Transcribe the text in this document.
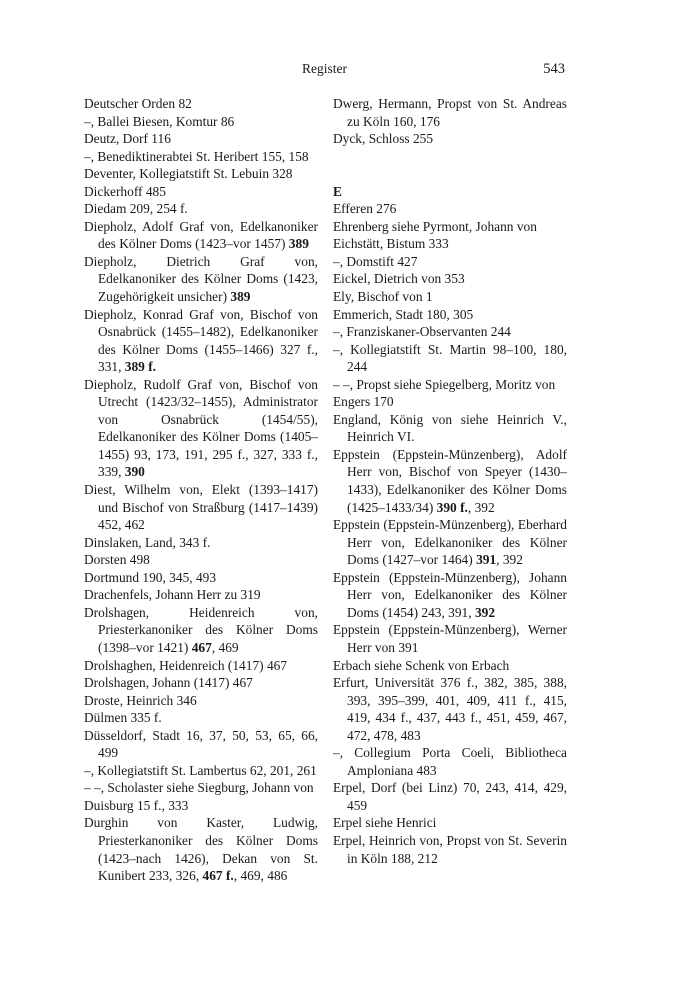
Register	543

Deutscher Orden 82

–, Ballei Biesen, Komtur 86

Deutz, Dorf 116

–, Benediktinerabtei St. Heribert 155, 158

Deventer, Kollegiatstift St. Lebuin 328

Dickerhoff 485

Diedam 209, 254 f.

Diepholz, Adolf Graf von, Edelkanoniker des Kölner Doms (1423–vor 1457) 389

Diepholz, Dietrich Graf von, Edelkanoniker des Kölner Doms (1423, Zugehörigkeit unsicher) 389

Diepholz, Konrad Graf von, Bischof von Osnabrück (1455–1482), Edelkanoniker des Kölner Doms (1455–1466) 327 f., 331, 389 f.

Diepholz, Rudolf Graf von, Bischof von Utrecht (1423/32–1455), Administrator von Osnabrück (1454/55), Edelkanoniker des Kölner Doms (1405–1455) 93, 173, 191, 295 f., 327, 333 f., 339, 390

Diest, Wilhelm von, Elekt (1393–1417) und Bischof von Straßburg (1417–1439) 452, 462

Dinslaken, Land, 343 f.

Dorsten 498

Dortmund 190, 345, 493

Drachenfels, Johann Herr zu 319

Drolshagen, Heidenreich von, Priesterkanoniker des Kölner Doms (1398–vor 1421) 467, 469

Drolshaghen, Heidenreich (1417) 467

Drolshagen, Johann (1417) 467

Droste, Heinrich 346

Dülmen 335 f.

Düsseldorf, Stadt 16, 37, 50, 53, 65, 66, 499

–, Kollegiatstift St. Lambertus 62, 201, 261

– –, Scholaster siehe Siegburg, Johann von

Duisburg 15 f., 333

Durghin von Kaster, Ludwig, Priesterkanoniker des Kölner Doms (1423–nach 1426), Dekan von St. Kunibert 233, 326, 467 f., 469, 486

Dwerg, Hermann, Propst von St. Andreas zu Köln 160, 176

Dyck, Schloss 255

E

Efferen 276

Ehrenberg siehe Pyrmont, Johann von

Eichstätt, Bistum 333

–, Domstift 427

Eickel, Dietrich von 353

Ely, Bischof von 1

Emmerich, Stadt 180, 305

–, Franziskaner-Observanten 244

–, Kollegiatstift St. Martin 98–100, 180, 244

– –, Propst siehe Spiegelberg, Moritz von

Engers 170

England, König von siehe Heinrich V., Heinrich VI.

Eppstein (Eppstein-Münzenberg), Adolf Herr von, Bischof von Speyer (1430–1433), Edelkanoniker des Kölner Doms (1425–1433/34) 390 f., 392

Eppstein (Eppstein-Münzenberg), Eberhard Herr von, Edelkanoniker des Kölner Doms (1427–vor 1464) 391, 392

Eppstein (Eppstein-Münzenberg), Johann Herr von, Edelkanoniker des Kölner Doms (1454) 243, 391, 392

Eppstein (Eppstein-Münzenberg), Werner Herr von 391

Erbach siehe Schenk von Erbach

Erfurt, Universität 376 f., 382, 385, 388, 393, 395–399, 401, 409, 411 f., 415, 419, 434 f., 437, 443 f., 451, 459, 467, 472, 478, 483

–, Collegium Porta Coeli, Bibliotheca Amploniana 483

Erpel, Dorf (bei Linz) 70, 243, 414, 429, 459

Erpel siehe Henrici

Erpel, Heinrich von, Propst von St. Severin in Köln 188, 212
